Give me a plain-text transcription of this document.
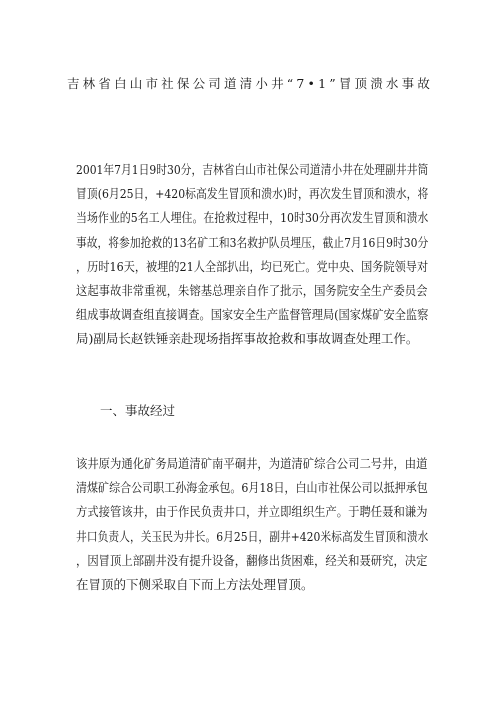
吉林省白山市社保公司道清小井“7•1”冒顶溃水事故
2001年7月1日9时30分，吉林省白山市社保公司道清小井在处理副井井筒
冒顶(6月25日，+420标高发生冒顶和溃水)时，再次发生冒顶和溃水，将
当场作业的5名工人埋住。在抢救过程中，10时30分再次发生冒顶和溃水
事故，将参加抢救的13名矿工和3名救护队员埋压，截止7月16日9时30分
，历时16天，被埋的21人全部扒出，均已死亡。党中央、国务院领导对
这起事故非常重视，朱镕基总理亲自作了批示，国务院安全生产委员会
组成事故调查组直接调查。国家安全生产监督管理局(国家煤矿安全监察
局)副局长赵铁锤亲赴现场指挥事故抢救和事故调查处理工作。
一、事故经过
该井原为通化矿务局道清矿南平硐井，为道清矿综合公司二号井，由道
清煤矿综合公司职工孙海金承包。6月18日，白山市社保公司以抵押承包
方式接管该井，由于作民负责井口，并立即组织生产。于聘任聂和谦为
井口负责人，关玉民为井长。6月25日，副井+420米标高发生冒顶和溃水
，因冒顶上部副井没有提升设备，翻修出货困难，经关和聂研究，决定
在冒顶的下侧采取自下而上方法处理冒顶。
